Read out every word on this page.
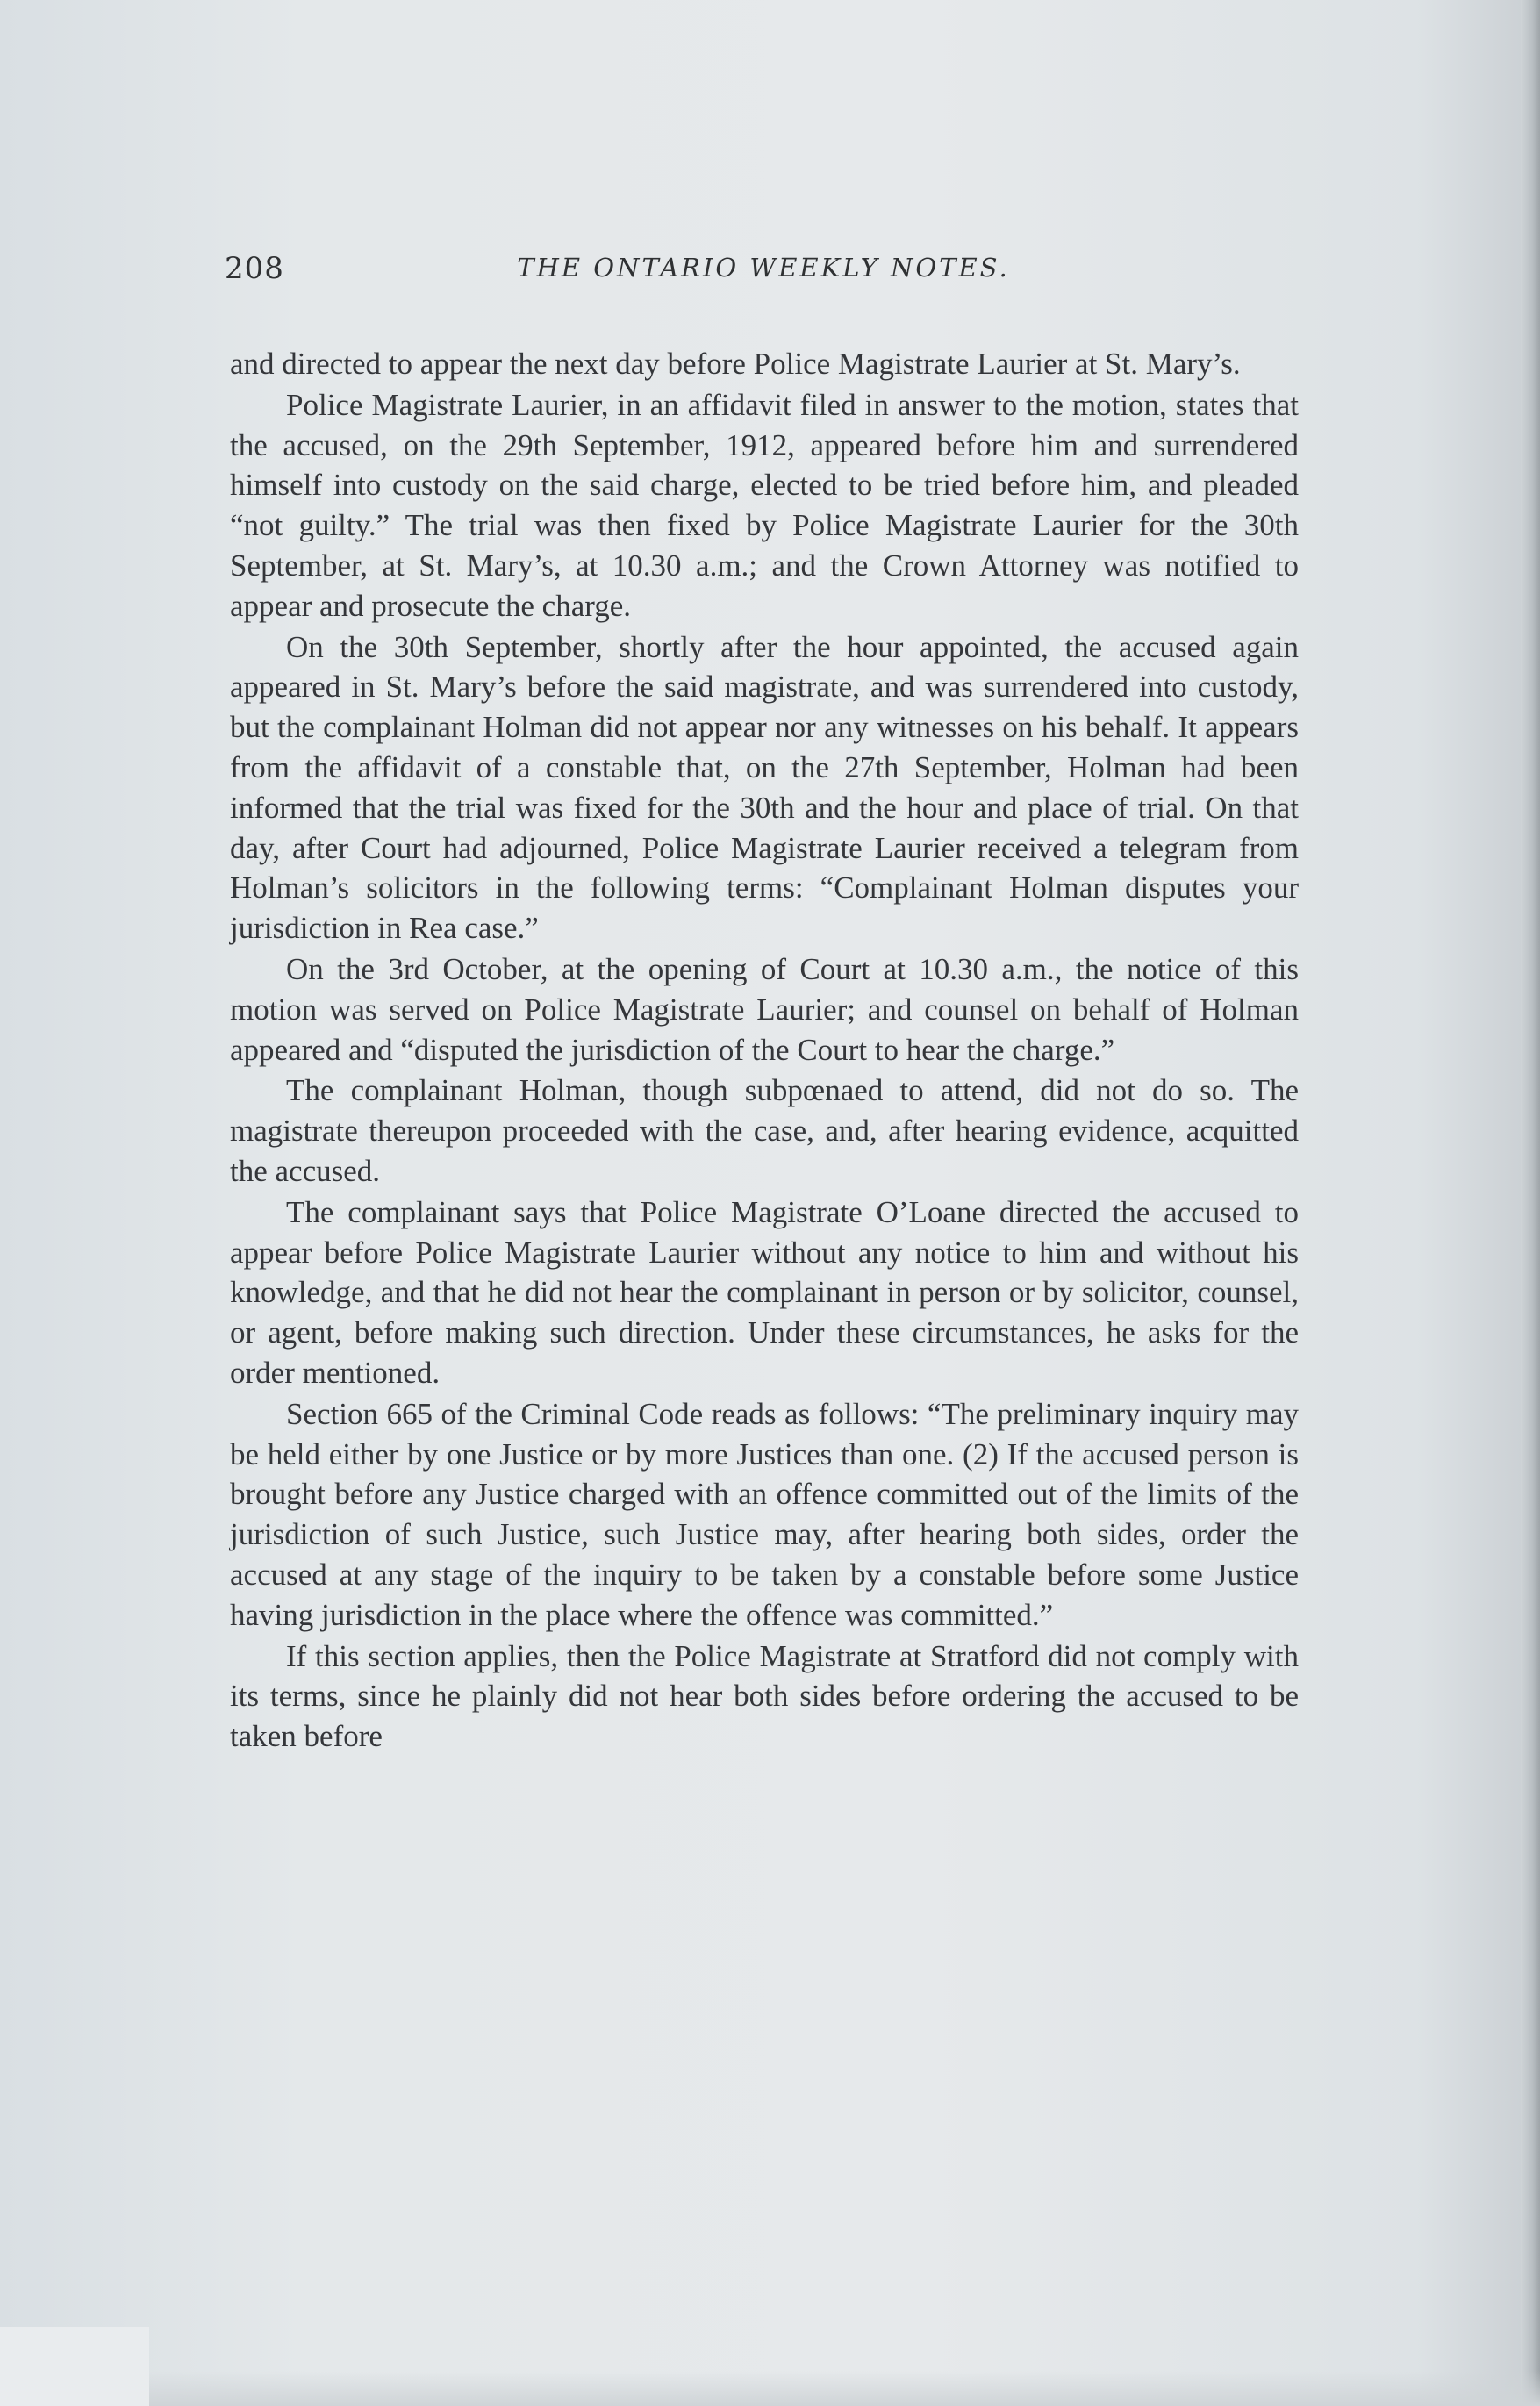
208	THE ONTARIO WEEKLY NOTES.

and directed to appear the next day before Police Magistrate Laurier at St. Mary’s.

Police Magistrate Laurier, in an affidavit filed in answer to the motion, states that the accused, on the 29th September, 1912, appeared before him and surrendered himself into custody on the said charge, elected to be tried before him, and pleaded “not guilty.” The trial was then fixed by Police Magistrate Laurier for the 30th September, at St. Mary’s, at 10.30 a.m.; and the Crown Attorney was notified to appear and prosecute the charge.

On the 30th September, shortly after the hour appointed, the accused again appeared in St. Mary’s before the said magistrate, and was surrendered into custody, but the complainant Holman did not appear nor any witnesses on his behalf. It appears from the affidavit of a constable that, on the 27th September, Holman had been informed that the trial was fixed for the 30th and the hour and place of trial. On that day, after Court had adjourned, Police Magistrate Laurier received a telegram from Holman’s solicitors in the following terms: “Complainant Holman disputes your jurisdiction in Rea case.”

On the 3rd October, at the opening of Court at 10.30 a.m., the notice of this motion was served on Police Magistrate Laurier; and counsel on behalf of Holman appeared and “disputed the jurisdiction of the Court to hear the charge.”

The complainant Holman, though subpœnaed to attend, did not do so. The magistrate thereupon proceeded with the case, and, after hearing evidence, acquitted the accused.

The complainant says that Police Magistrate O’Loane directed the accused to appear before Police Magistrate Laurier without any notice to him and without his knowledge, and that he did not hear the complainant in person or by solicitor, counsel, or agent, before making such direction. Under these circumstances, he asks for the order mentioned.

Section 665 of the Criminal Code reads as follows: “The preliminary inquiry may be held either by one Justice or by more Justices than one. (2) If the accused person is brought before any Justice charged with an offence committed out of the limits of the jurisdiction of such Justice, such Justice may, after hearing both sides, order the accused at any stage of the inquiry to be taken by a constable before some Justice having jurisdiction in the place where the offence was committed.”

If this section applies, then the Police Magistrate at Stratford did not comply with its terms, since he plainly did not hear both sides before ordering the accused to be taken before
